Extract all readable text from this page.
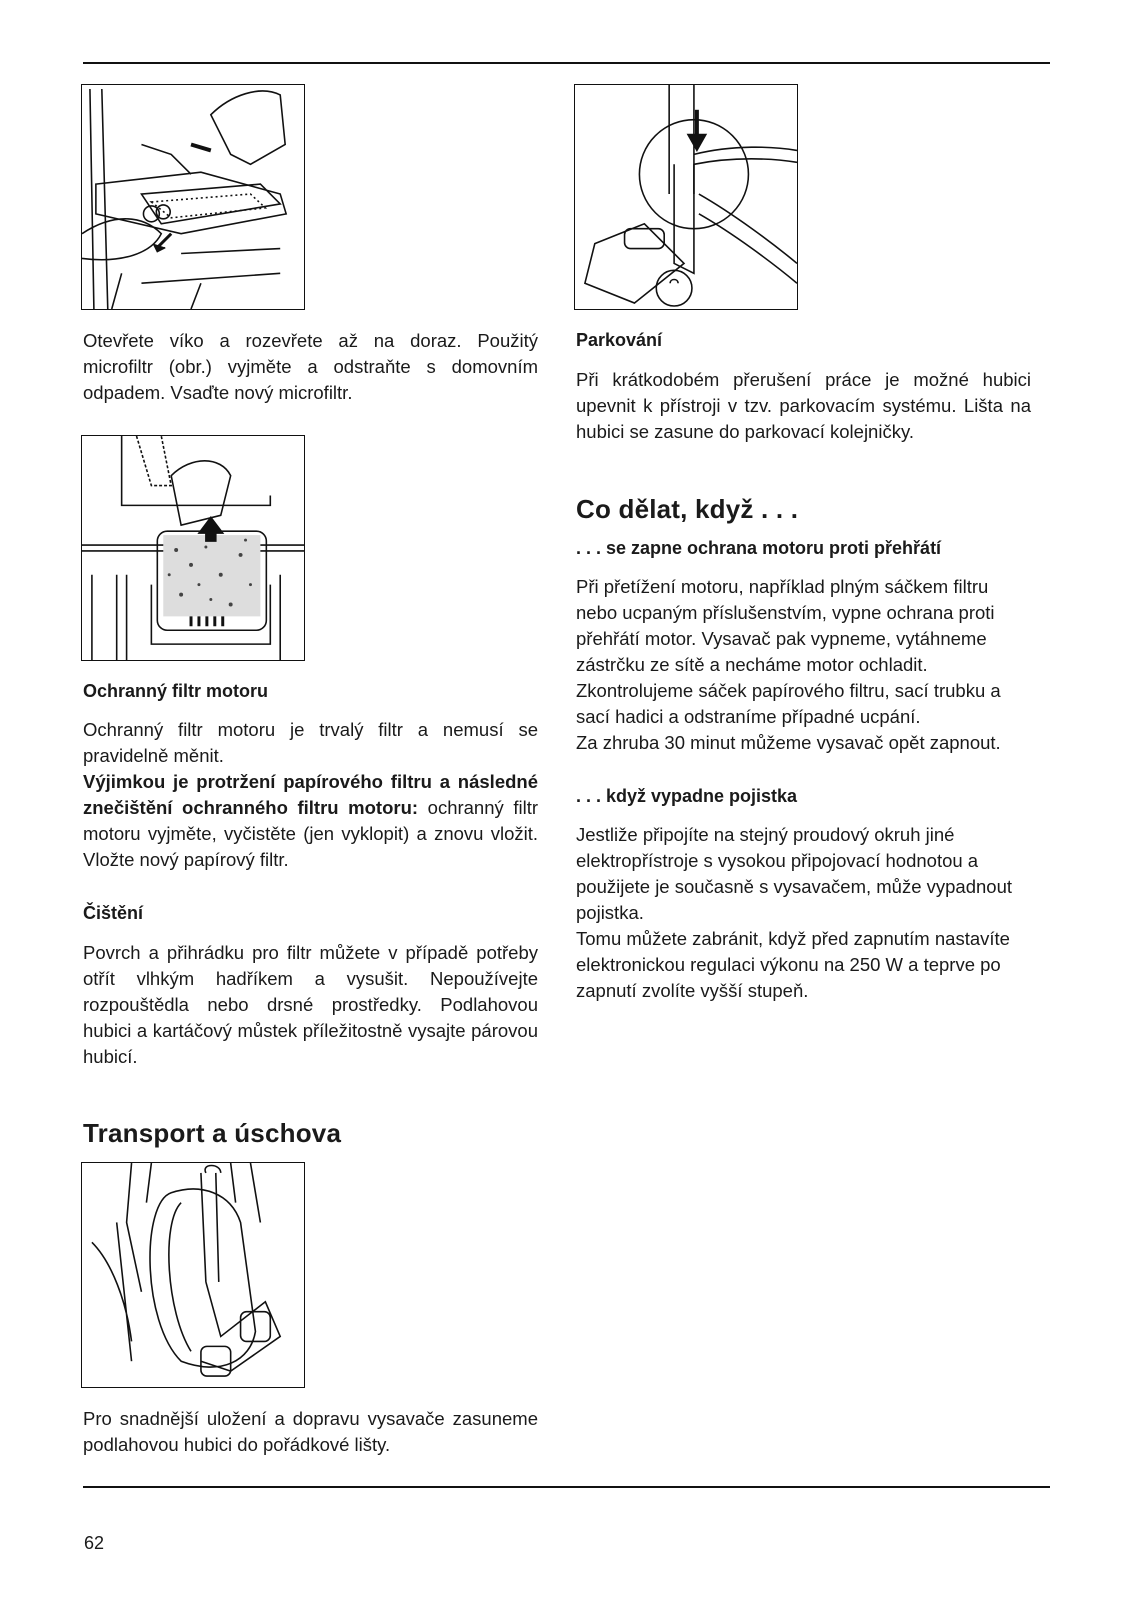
Otevřete víko a rozevřete až na doraz. Použitý microfiltr (obr.) vyjměte a odstraňte s domovním odpadem. Vsaďte nový microfiltr.

Ochranný filtr motoru

Ochranný filtr motoru je trvalý filtr a nemusí se pravidelně měnit.

Výjimkou je protržení papírového filtru a následné znečištění ochranného filtru motoru: ochranný filtr motoru vyjměte, vyčistěte (jen vyklopit) a znovu vložit. Vložte nový papírový filtr.

Čištění

Povrch a přihrádku pro filtr můžete v případě potřeby otřít vlhkým hadříkem a vysušit. Nepoužívejte rozpouštědla nebo drsné prostředky. Podlahovou hubici a kartáčový můstek příležitostně vysajte párovou hubicí.

Transport a úschova

Pro snadnější uložení a dopravu vysavače zasuneme podlahovou hubici do pořádkové lišty.

Parkování

Při krátkodobém přerušení práce je možné hubici upevnit k přístroji v tzv. parkovacím systému. Lišta na hubici se zasune do parkovací kolejničky.

Co dělat, když . . .
. . . se zapne ochrana motoru proti přehřátí

Při přetížení motoru, například plným sáčkem filtru nebo ucpaným příslušenstvím, vypne ochrana proti přehřátí motor. Vysavač pak vypneme, vytáhneme zástrčku ze sítě a necháme motor ochladit.

Zkontrolujeme sáček papírového filtru, sací trubku a sací hadici a odstraníme případné ucpání.

Za zhruba 30 minut můžeme vysavač opět zapnout.

. . . když vypadne pojistka

Jestliže připojíte na stejný proudový okruh jiné elektropřístroje s vysokou připojovací hodnotou a použijete je současně s vysavačem, může vypadnout pojistka.

Tomu můžete zabránit, když před zapnutím nastavíte elektronickou regulaci výkonu na 250 W a teprve po zapnutí zvolíte vyšší stupeň.

62
